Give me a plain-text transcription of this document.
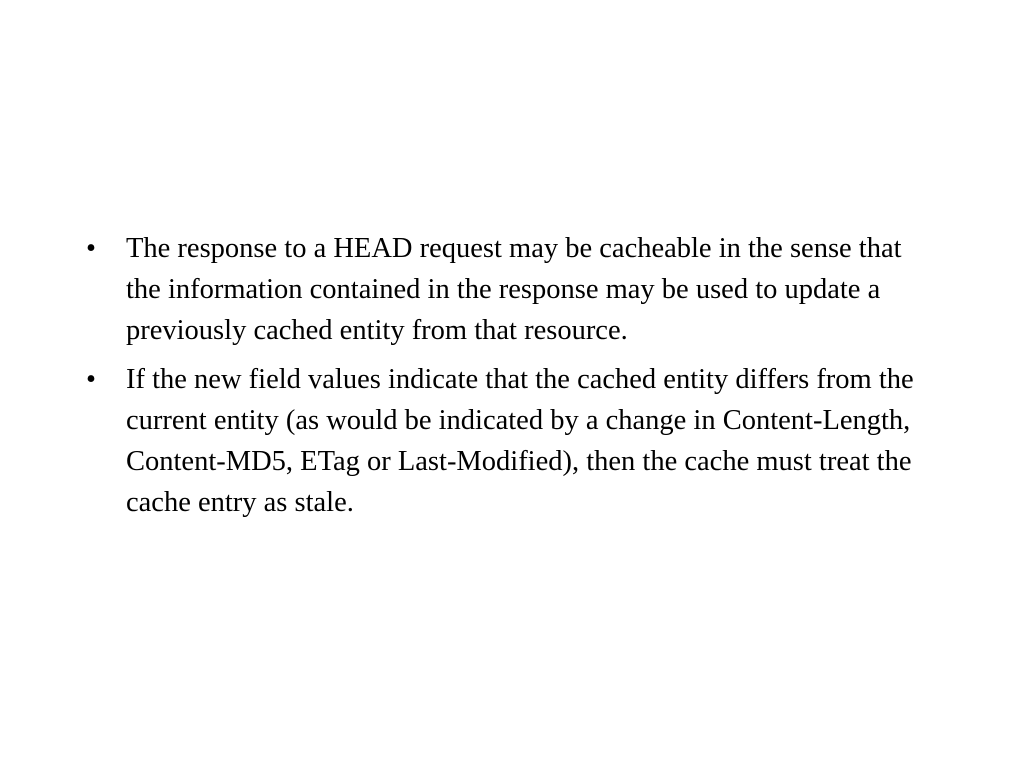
• The response to a HEAD request may be cacheable in the sense that the information contained in the response may be used to update a previously cached entity from that resource.
• If the new field values indicate that the cached entity differs from the current entity (as would be indicated by a change in Content-Length, Content-MD5, ETag or Last-Modified), then the cache must treat the cache entry as stale.
